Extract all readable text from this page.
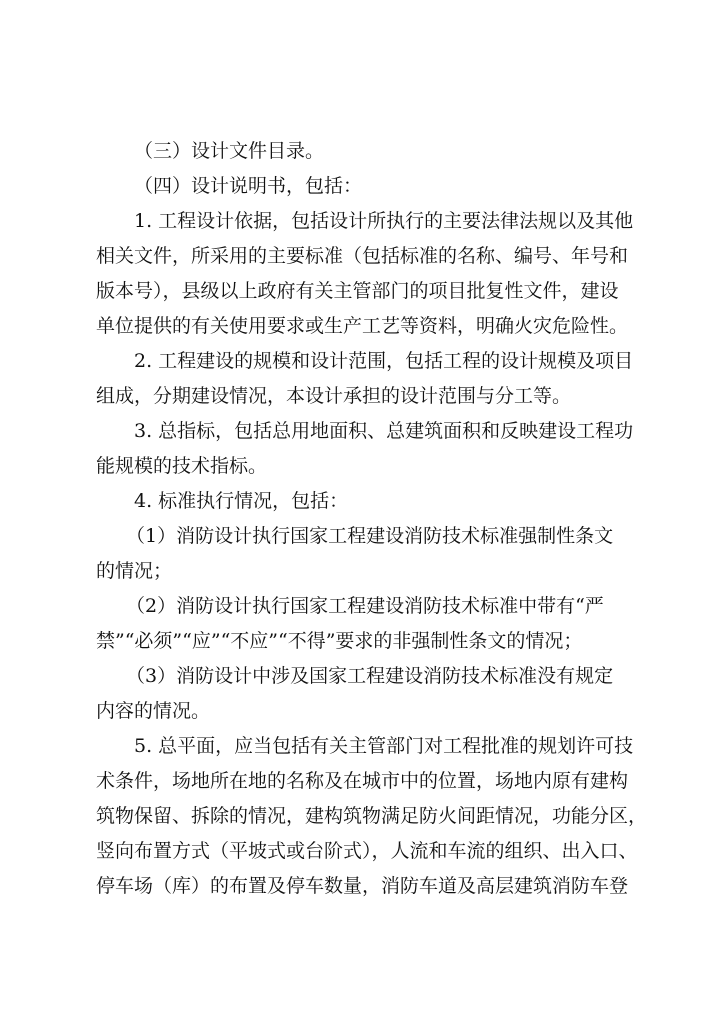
（三）设计文件目录。
（四）设计说明书，包括：
1. 工程设计依据，包括设计所执行的主要法律法规以及其他
相关文件，所采用的主要标准（包括标准的名称、编号、年号和
版本号），县级以上政府有关主管部门的项目批复性文件，建设
单位提供的有关使用要求或生产工艺等资料，明确火灾危险性。
2. 工程建设的规模和设计范围，包括工程的设计规模及项目
组成，分期建设情况，本设计承担的设计范围与分工等。
3. 总指标，包括总用地面积、总建筑面积和反映建设工程功
能规模的技术指标。
4. 标准执行情况，包括：
（1）消防设计执行国家工程建设消防技术标准强制性条文
的情况；
（2）消防设计执行国家工程建设消防技术标准中带有“严
禁”“必须”“应”“不应”“不得”要求的非强制性条文的情况；
（3）消防设计中涉及国家工程建设消防技术标准没有规定
内容的情况。
5. 总平面，应当包括有关主管部门对工程批准的规划许可技
术条件，场地所在地的名称及在城市中的位置，场地内原有建构
筑物保留、拆除的情况，建构筑物满足防火间距情况，功能分区，
竖向布置方式（平坡式或台阶式），人流和车流的组织、出入口、
停车场（库）的布置及停车数量，消防车道及高层建筑消防车登
